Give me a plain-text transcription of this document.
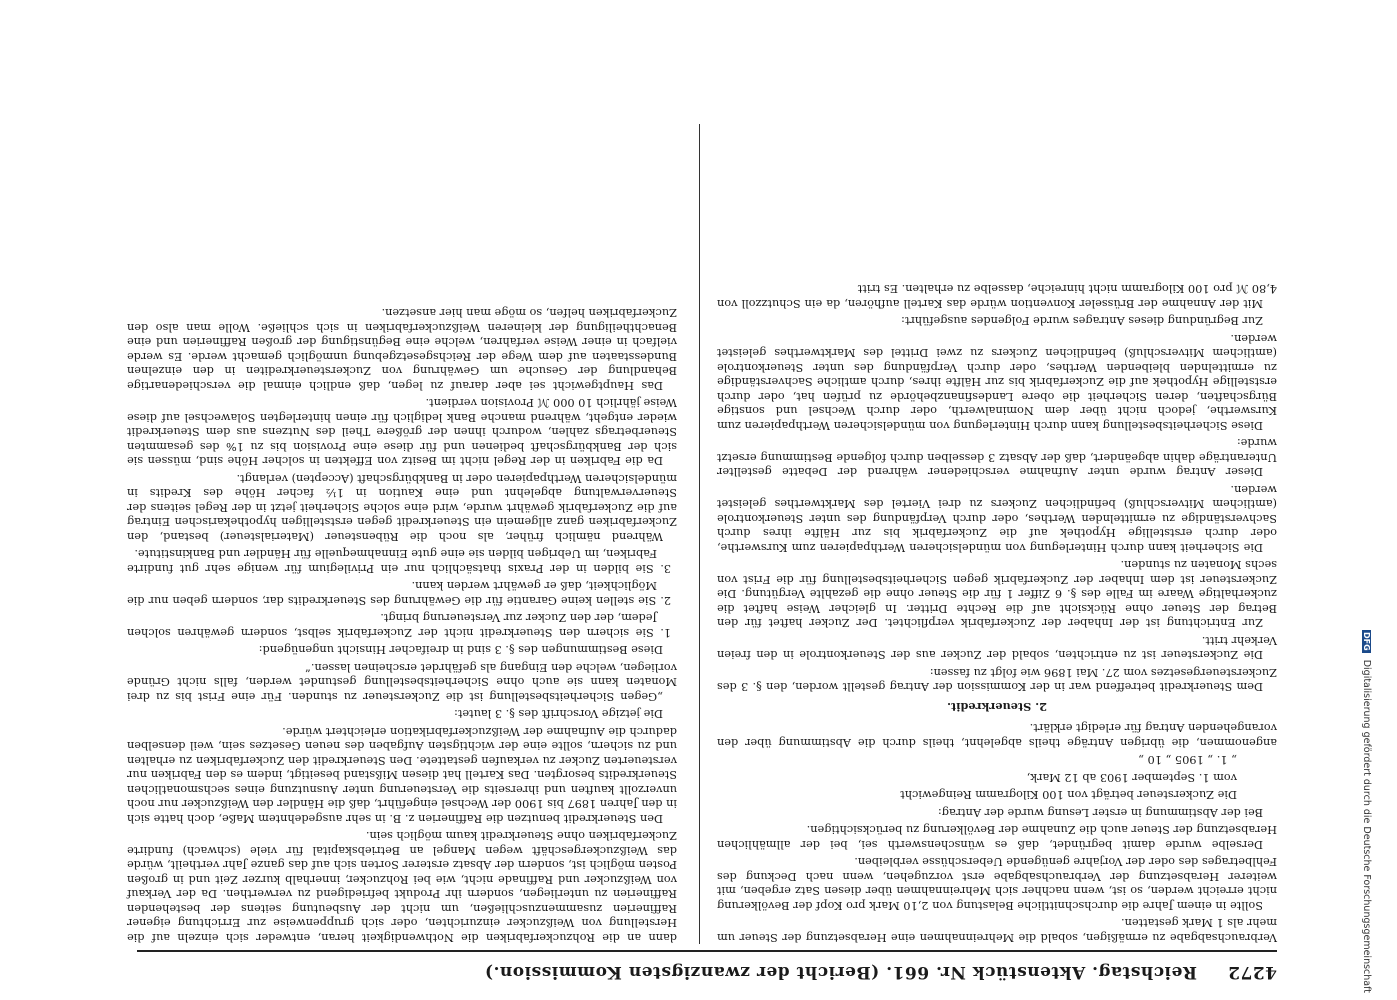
4272
Reichstag. Aktenstück Nr. 661. (Bericht der zwanzigsten Kommission.)

Verbrauchsabgabe zu ermäßigen, sobald die Mehreinnahmen eine Herabsetzung der Steuer um mehr als 1 Mark gestatten.

Sollte in einem Jahre die durchschnittliche Belastung von 2,10 Mark pro Kopf der Bevölkerung nicht erreicht werden, so ist, wenn nachher sich Mehreinnahmen über diesen Satz ergeben, mit weiterer Herabsetzung der Verbrauchsabgabe erst vorzugehen, wenn nach Deckung des Fehlbetrages des oder der Vorjahre genügende Ueberschüsse verbleiben.

Derselbe wurde damit begründet, daß es wünschenswerth sei, bei der allmählichen Herabsetzung der Steuer auch die Zunahme der Bevölkerung zu berücksichtigen.

Bei der Abstimmung in erster Lesung wurde der Antrag:

Die Zuckersteuer beträgt von 100 Kilogramm Reingewicht

vom 1. September 1903 ab 12 Mark,

„ 1. „ 1905 „ 10 „

angenommen, die übrigen Anträge theils abgelehnt, theils durch die Abstimmung über den vorangehenden Antrag für erledigt erklärt.

2. Steuerkredit.

Dem Steuerkredit betreffend war in der Kommission der Antrag gestellt worden, den §. 3 des Zuckersteuergesetzes vom 27. Mai 1896 wie folgt zu fassen:

Die Zuckersteuer ist zu entrichten, sobald der Zucker aus der Steuerkontrole in den freien Verkehr tritt.

Zur Entrichtung ist der Inhaber der Zuckerfabrik verpflichtet. Der Zucker haftet für den Betrag der Steuer ohne Rücksicht auf die Rechte Dritter. In gleicher Weise haftet die zuckerhaltige Waare im Falle des §. 6 Ziffer 1 für die Steuer ohne die gezahlte Vergütung. Die Zuckersteuer ist dem Inhaber der Zuckerfabrik gegen Sicherheitsbestellung für die Frist von sechs Monaten zu stunden.

Die Sicherheit kann durch Hinterlegung von mündelsicheren Werthpapieren zum Kurswerthe, oder durch erststellige Hypothek auf die Zuckerfabrik bis zur Hälfte ihres durch Sachverständige zu ermittelnden Werthes, oder durch Verpfändung des unter Steuerkontrole (amtlichem Mitverschluß) befindlichen Zuckers zu drei Viertel des Marktwerthes geleistet werden.

Dieser Antrag wurde unter Aufnahme verschiedener während der Debatte gestellter Unteranträge dahin abgeändert, daß der Absatz 3 desselben durch folgende Bestimmung ersetzt wurde:

Diese Sicherheitsbestellung kann durch Hinterlegung von mündelsicheren Werthpapieren zum Kurswerthe, jedoch nicht über dem Nominalwerth, oder durch Wechsel und sonstige Bürgschaften, deren Sicherheit die obere Landesfinanzbehörde zu prüfen hat, oder durch erststellige Hypothek auf die Zuckerfabrik bis zur Hälfte ihres, durch amtliche Sachverständige zu ermittelnden bleibenden Werthes, oder durch Verpfändung des unter Steuerkontrole (amtlichem Mitverschluß) befindlichen Zuckers zu zwei Drittel des Marktwerthes geleistet werden.

Zur Begründung dieses Antrages wurde Folgendes ausgeführt:

Mit der Annahme der Brüsseler Konvention würde das Kartell aufhören, da ein Schutzzoll von 4,80 ℳ pro 100 Kilogramm nicht hinreiche, dasselbe zu erhalten. Es tritt

dann an die Rohzuckerfabriken die Nothwendigkeit heran, entweder sich einzeln auf die Herstellung von Weißzucker einzurichten, oder sich gruppenweise zur Errichtung eigener Raffinerien zusammenzuschließen, um nicht der Ausbeutung seitens der bestehenden Raffinerien zu unterliegen, sondern ihr Produkt befriedigend zu verwerthen. Da der Verkauf von Weißzucker und Raffinade nicht, wie bei Rohzucker, innerhalb kurzer Zeit und in großen Posten möglich ist, sondern der Absatz ersterer Sorten sich auf das ganze Jahr vertheilt, würde das Weißzuckergeschäft wegen Mangel an Betriebskapital für viele (schwach) fundirte Zuckerfabriken ohne Steuerkredit kaum möglich sein.

Den Steuerkredit benutzen die Raffinerien z. B. in sehr ausgedehntem Maße, doch hatte sich in den Jahren 1897 bis 1900 der Wechsel eingeführt, daß die Händler den Weißzucker nur noch unverzollt kauften und ihrerseits die Versteuerung unter Ausnutzung eines sechsmonatlichen Steuerkredits besorgten. Das Kartell hat diesen Mißstand beseitigt, indem es den Fabriken nur versteuerten Zucker zu verkaufen gestattete. Den Steuerkredit den Zuckerfabriken zu erhalten und zu sichern, sollte eine der wichtigsten Aufgaben des neuen Gesetzes sein, weil denselben dadurch die Aufnahme der Weißzuckerfabrikation erleichtert würde.

Die jetzige Vorschrift des §. 3 lautet:

„Gegen Sicherheitsbestellung ist die Zuckersteuer zu stunden. Für eine Frist bis zu drei Monaten kann sie auch ohne Sicherheitsbestellung gestundet werden, falls nicht Gründe vorliegen, welche den Eingang als gefährdet erscheinen lassen.“

Diese Bestimmungen des §. 3 sind in dreifacher Hinsicht ungenügend:

1. Sie sichern den Steuerkredit nicht der Zuckerfabrik selbst, sondern gewähren solchen Jedem, der den Zucker zur Versteuerung bringt.

2. Sie stellen keine Garantie für die Gewährung des Steuerkredits dar, sondern geben nur die Möglichkeit, daß er gewährt werden kann.

3. Sie bilden in der Praxis thatsächlich nur ein Privilegium für wenige sehr gut fundirte Fabriken, im Uebrigen bilden sie eine gute Einnahmequelle für Händler und Bankinstitute.

Während nämlich früher, als noch die Rübensteuer (Materialsteuer) bestand, den Zuckerfabriken ganz allgemein ein Steuerkredit gegen erststelligen hypothekarischen Eintrag auf die Zuckerfabrik gewährt wurde, wird eine solche Sicherheit jetzt in der Regel seitens der Steuerverwaltung abgelehnt und eine Kaution in 1½ facher Höhe des Kredits in mündelsicheren Werthpapieren oder in Bankbürgschaft (Accepten) verlangt.

Da die Fabriken in der Regel nicht im Besitz von Effekten in solcher Höhe sind, müssen sie sich der Bankbürgschaft bedienen und für diese eine Provision bis zu 1% des gesammten Steuerbetrags zahlen, wodurch ihnen der größere Theil des Nutzens aus dem Steuerkredit wieder entgeht, während manche Bank lediglich für einen hinterlegten Solawechsel auf diese Weise jährlich 10 000 ℳ Provision verdient.

Das Hauptgewicht sei aber darauf zu legen, daß endlich einmal die verschiedenartige Behandlung der Gesuche um Gewährung von Zuckersteuerkrediten in den einzelnen Bundesstaaten auf dem Wege der Reichsgesetzgebung unmöglich gemacht werde. Es werde vielfach in einer Weise verfahren, welche eine Begünstigung der großen Raffinerien und eine Benachtheiligung der kleineren Weißzuckerfabriken in sich schließe. Wolle man also den Zuckerfabriken helfen, so möge man hier ansetzen.

DFG Digitalisierung gefördert durch die Deutsche Forschungsgemeinschaft
